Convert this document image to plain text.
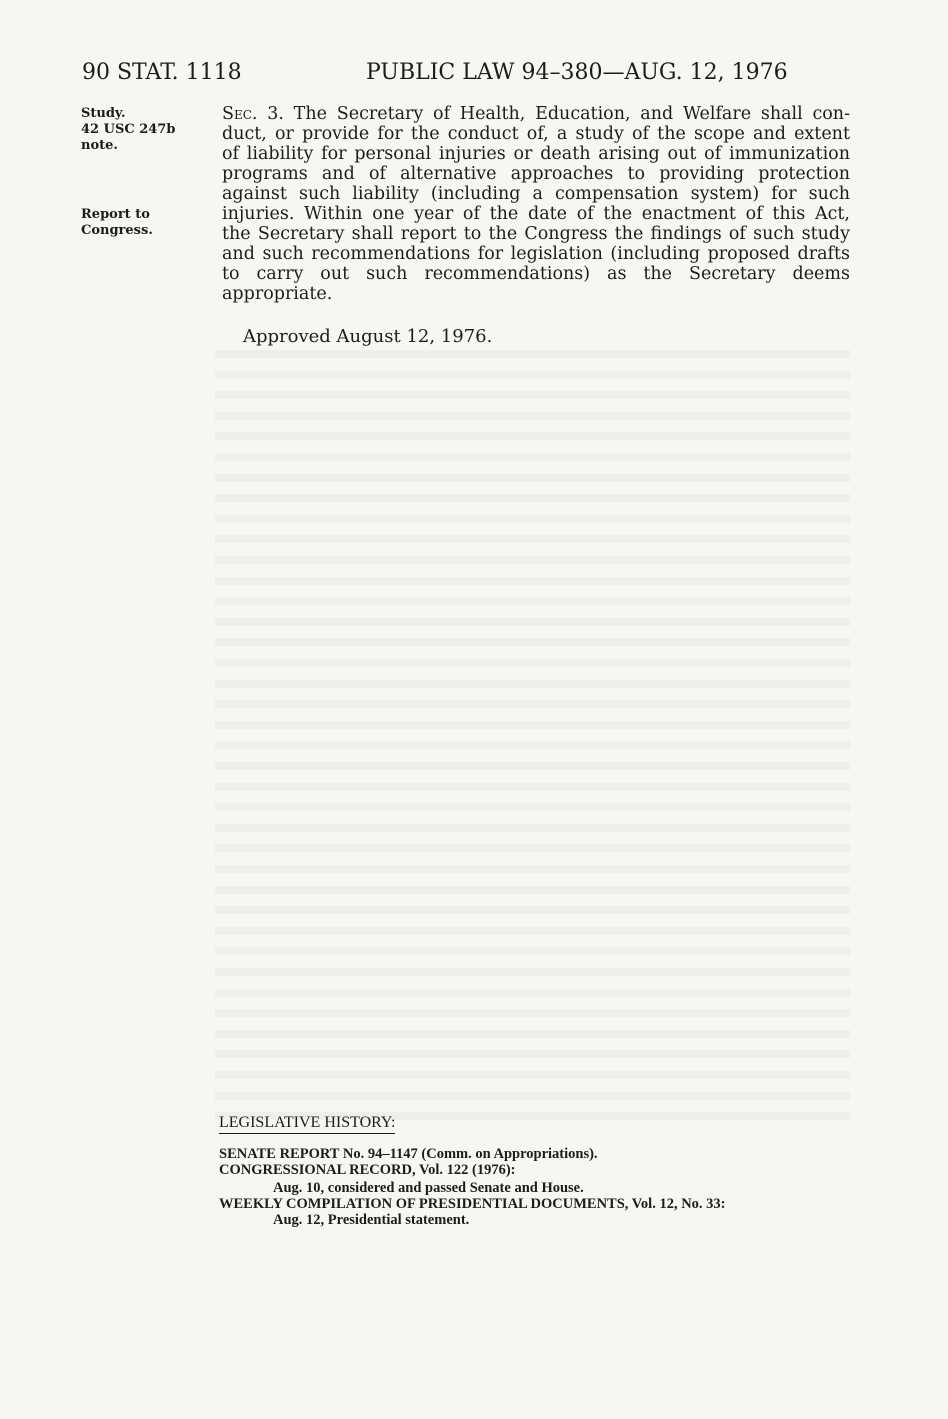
90 STAT. 1118	PUBLIC LAW 94–380—AUG. 12, 1976
Study.
42 USC 247b
note.
Report to
Congress.
Sec. 3. The Secretary of Health, Education, and Welfare shall con-
duct, or provide for the conduct of, a study of the scope and extent
of liability for personal injuries or death arising out of immunization
programs and of alternative approaches to providing protection
against such liability (including a compensation system) for such
injuries. Within one year of the date of the enactment of this Act,
the Secretary shall report to the Congress the findings of such study
and such recommendations for legislation (including proposed drafts
to carry out such recommendations) as the Secretary deems
appropriate.
Approved August 12, 1976.
LEGISLATIVE HISTORY:
SENATE REPORT No. 94–1147 (Comm. on Appropriations).
CONGRESSIONAL RECORD, Vol. 122 (1976):
Aug. 10, considered and passed Senate and House.
WEEKLY COMPILATION OF PRESIDENTIAL DOCUMENTS, Vol. 12, No. 33:
Aug. 12, Presidential statement.
